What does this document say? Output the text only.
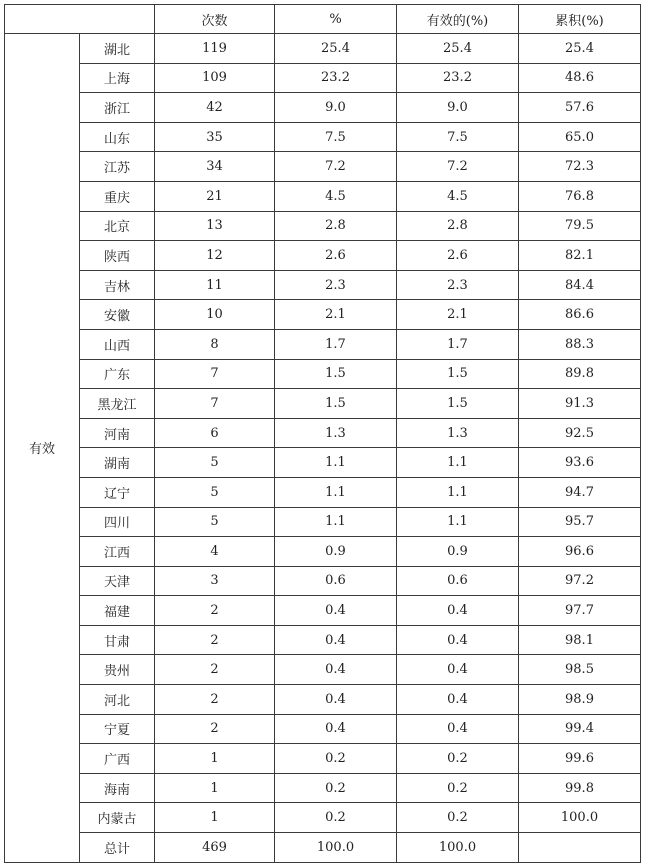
		次数	%	有效的(%)	累积(%)
有效	湖北	119	25.4	25.4	25.4
	上海	109	23.2	23.2	48.6
	浙江	42	9.0	9.0	57.6
	山东	35	7.5	7.5	65.0
	江苏	34	7.2	7.2	72.3
	重庆	21	4.5	4.5	76.8
	北京	13	2.8	2.8	79.5
	陕西	12	2.6	2.6	82.1
	吉林	11	2.3	2.3	84.4
	安徽	10	2.1	2.1	86.6
	山西	8	1.7	1.7	88.3
	广东	7	1.5	1.5	89.8
	黑龙江	7	1.5	1.5	91.3
	河南	6	1.3	1.3	92.5
	湖南	5	1.1	1.1	93.6
	辽宁	5	1.1	1.1	94.7
	四川	5	1.1	1.1	95.7
	江西	4	0.9	0.9	96.6
	天津	3	0.6	0.6	97.2
	福建	2	0.4	0.4	97.7
	甘肃	2	0.4	0.4	98.1
	贵州	2	0.4	0.4	98.5
	河北	2	0.4	0.4	98.9
	宁夏	2	0.4	0.4	99.4
	广西	1	0.2	0.2	99.6
	海南	1	0.2	0.2	99.8
	内蒙古	1	0.2	0.2	100.0
	总计	469	100.0	100.0	
